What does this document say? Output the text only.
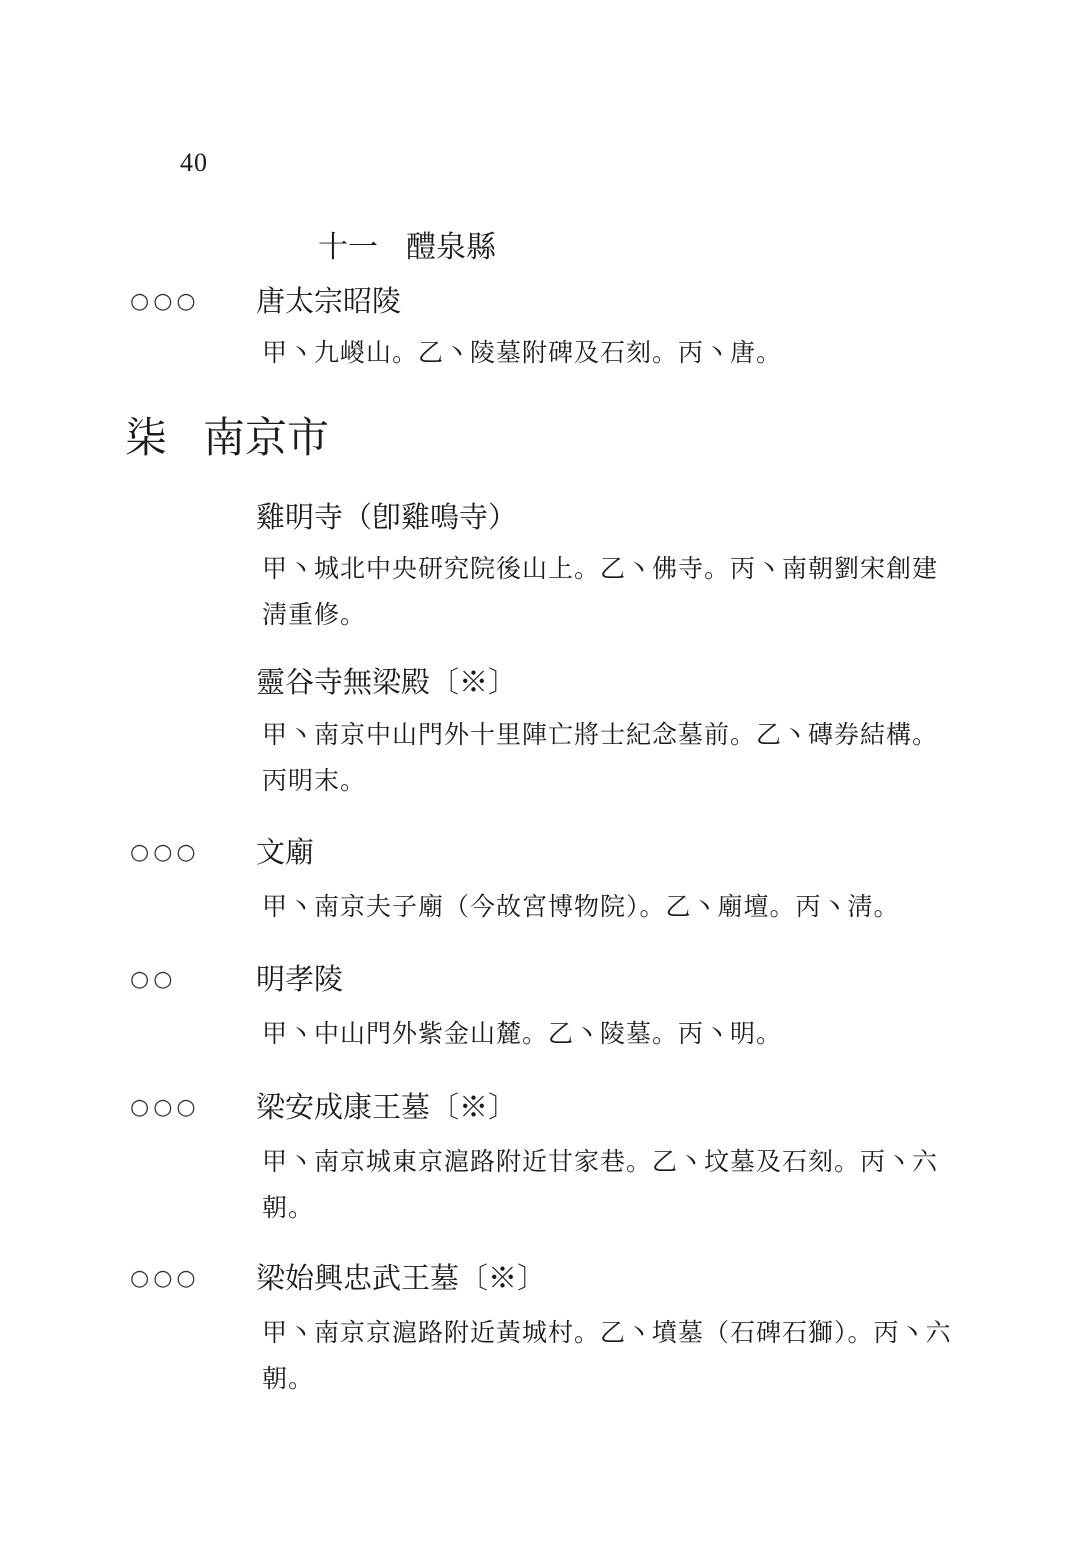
40
十一 醴泉縣
○○○ 唐太宗昭陵
甲丶九嵕山。乙丶陵墓附碑及石刻。丙丶唐。
柒 南京市
雞明寺（卽雞鳴寺）
甲丶城北中央研究院後山上。乙丶佛寺。丙丶南朝劉宋創建淸重修。
靈谷寺無梁殿〔※〕
甲丶南京中山門外十里陣亡將士紀念墓前。乙丶磚券結構。丙明末。
○○○ 文廟
甲丶南京夫子廟（今故宮博物院）。乙丶廟壇。丙丶淸。
○○	明孝陵
甲丶中山門外紫金山麓。乙丶陵墓。丙丶明。
○○○ 梁安成康王墓〔※〕
甲丶南京城東京滬路附近甘家巷。乙丶坟墓及石刻。丙丶六朝。
○○○ 梁始興忠武王墓〔※〕
甲丶南京京滬路附近黃城村。乙丶墳墓（石碑石獅）。丙丶六朝。
